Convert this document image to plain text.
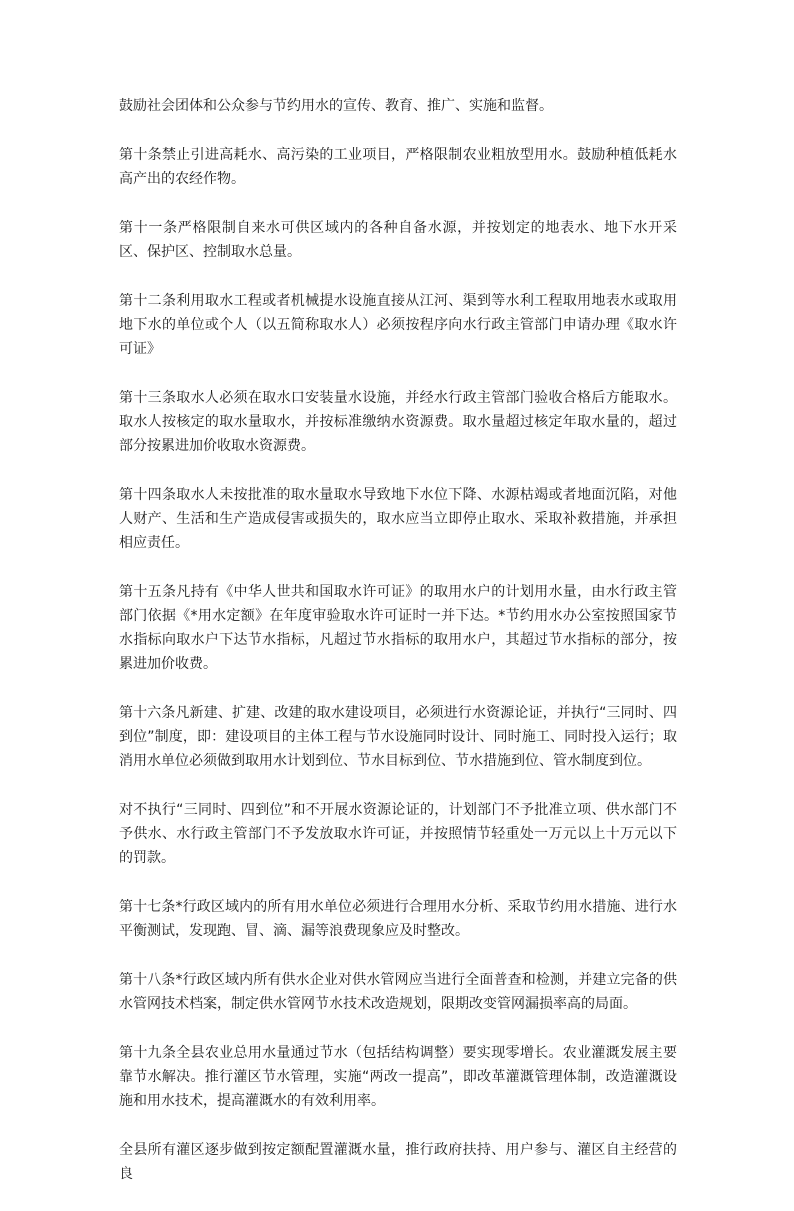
鼓励社会团体和公众参与节约用水的宣传、教育、推广、实施和监督。

第十条禁止引进高耗水、高污染的工业项目，严格限制农业粗放型用水。鼓励种植低耗水高产出的农经作物。

第十一条严格限制自来水可供区域内的各种自备水源，并按划定的地表水、地下水开采区、保护区、控制取水总量。

第十二条利用取水工程或者机械提水设施直接从江河、渠到等水利工程取用地表水或取用地下水的单位或个人（以五简称取水人）必须按程序向水行政主管部门申请办理《取水许可证》

第十三条取水人必须在取水口安装量水设施，并经水行政主管部门验收合格后方能取水。取水人按核定的取水量取水，并按标准缴纳水资源费。取水量超过核定年取水量的，超过部分按累进加价收取水资源费。

第十四条取水人未按批准的取水量取水导致地下水位下降、水源枯竭或者地面沉陷，对他人财产、生活和生产造成侵害或损失的，取水应当立即停止取水、采取补救措施，并承担相应责任。

第十五条凡持有《中华人世共和国取水许可证》的取用水户的计划用水量，由水行政主管部门依据《*用水定额》在年度审验取水许可证时一并下达。*节约用水办公室按照国家节水指标向取水户下达节水指标，凡超过节水指标的取用水户，其超过节水指标的部分，按累进加价收费。

第十六条凡新建、扩建、改建的取水建设项目，必须进行水资源论证，并执行“三同时、四到位”制度，即：建设项目的主体工程与节水设施同时设计、同时施工、同时投入运行；取消用水单位必须做到取用水计划到位、节水目标到位、节水措施到位、管水制度到位。

对不执行“三同时、四到位”和不开展水资源论证的，计划部门不予批准立项、供水部门不予供水、水行政主管部门不予发放取水许可证，并按照情节轻重处一万元以上十万元以下的罚款。

第十七条*行政区域内的所有用水单位必须进行合理用水分析、采取节约用水措施、进行水平衡测试，发现跑、冒、滴、漏等浪费现象应及时整改。

第十八条*行政区域内所有供水企业对供水管网应当进行全面普查和检测，并建立完备的供水管网技术档案，制定供水管网节水技术改造规划，限期改变管网漏损率高的局面。

第十九条全县农业总用水量通过节水（包括结构调整）要实现零增长。农业灌溉发展主要靠节水解决。推行灌区节水管理，实施“两改一提高”，即改革灌溉管理体制，改造灌溉设施和用水技术，提高灌溉水的有效利用率。

全县所有灌区逐步做到按定额配置灌溉水量，推行政府扶持、用户参与、灌区自主经营的良
